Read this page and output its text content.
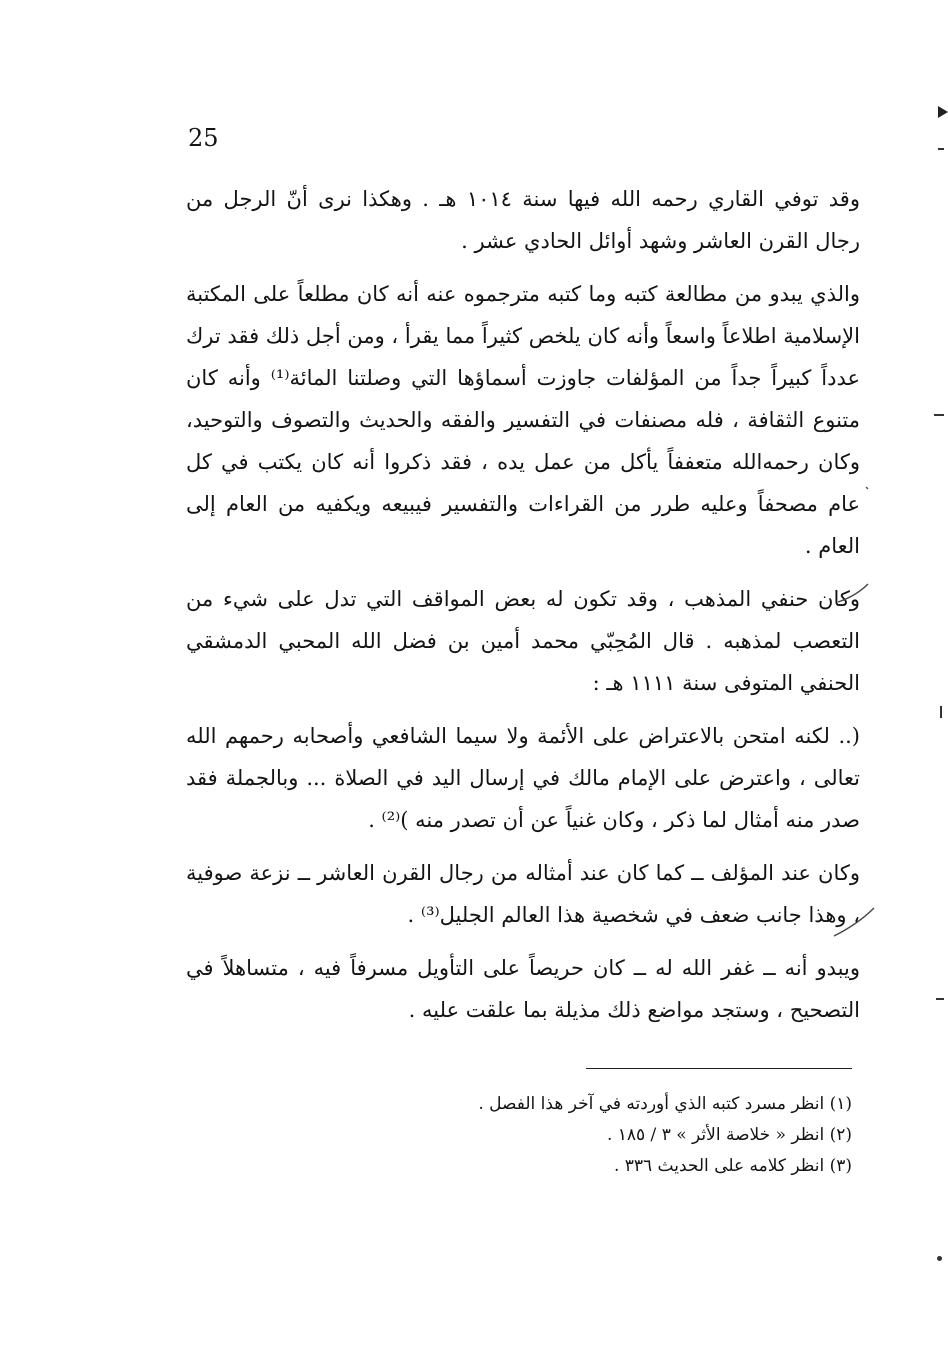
25

وقد توفي القاري رحمه الله فيها سنة ١٠١٤ هـ . وهكذا نرى أنّ الرجل من رجال القرن العاشر وشهد أوائل الحادي عشر .

والذي يبدو من مطالعة كتبه وما كتبه مترجموه عنه أنه كان مطلعاً على المكتبة الإسلامية اطلاعاً واسعاً وأنه كان يلخص كثيراً مما يقرأ ، ومن أجل ذلك فقد ترك عدداً كبيراً جداً من المؤلفات جاوزت أسماؤها التي وصلتنا المائة⁽¹⁾ وأنه كان متنوع الثقافة ، فله مصنفات في التفسير والفقه والحديث والتصوف والتوحيد، وكان رحمه‌الله متعففاً يأكل من عمل يده ، فقد ذكروا أنه كان يكتب في كل عام مصحفاً وعليه طرر من القراءات والتفسير فيبيعه ويكفيه من العام إلى العام .

وكان حنفي المذهب ، وقد تكون له بعض المواقف التي تدل على شيء من التعصب لمذهبه . قال المُحِبّي محمد أمين بن فضل الله المحبي الدمشقي الحنفي المتوفى سنة ١١١١ هـ :

(.. لكنه امتحن بالاعتراض على الأئمة ولا سيما الشافعي وأصحابه رحمهم الله تعالى ، واعترض على الإمام مالك في إرسال اليد في الصلاة ... وبالجملة فقد صدر منه أمثال لما ذكر ، وكان غنياً عن أن تصدر منه )⁽²⁾ .

وكان عند المؤلف ــ كما كان عند أمثاله من رجال القرن العاشر ــ نزعة صوفية ، وهذا جانب ضعف في شخصية هذا العالم الجليل⁽³⁾ .

ويبدو أنه ــ غفر الله له ــ كان حريصاً على التأويل مسرفاً فيه ، متساهلاً في التصحيح ، وستجد مواضع ذلك مذيلة بما علقت عليه .

(١) انظر مسرد كتبه الذي أوردته في آخر هذا الفصل .
(٢) انظر « خلاصة الأثر » ٣ / ١٨٥ .
(٣) انظر كلامه على الحديث ٣٣٦ .
